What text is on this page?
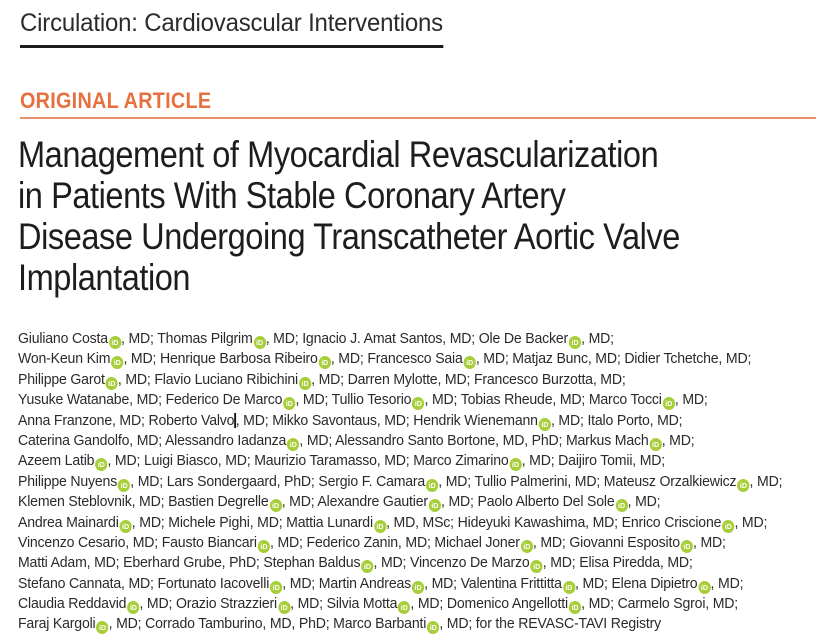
Circulation: Cardiovascular Interventions
ORIGINAL ARTICLE
Management of Myocardial Revascularization
in Patients With Stable Coronary Artery
Disease Undergoing Transcatheter Aortic Valve
Implantation
Giuliano Costa iD , MD; Thomas Pilgrim iD , MD; Ignacio J. Amat Santos, MD; Ole De Backer iD , MD;
Won-Keun Kim iD , MD; Henrique Barbosa Ribeiro iD , MD; Francesco Saia iD , MD; Matjaz Bunc, MD; Didier Tchetche, MD;
Philippe Garot iD , MD; Flavio Luciano Ribichini iD , MD; Darren Mylotte, MD; Francesco Burzotta, MD;
Yusuke Watanabe, MD; Federico De Marco iD , MD; Tullio Tesorio iD , MD; Tobias Rheude, MD; Marco Tocci iD , MD;
Anna Franzone, MD; Roberto Valvo, MD; Mikko Savontaus, MD; Hendrik Wienemann iD , MD; Italo Porto, MD;
Caterina Gandolfo, MD; Alessandro Iadanza iD , MD; Alessandro Santo Bortone, MD, PhD; Markus Mach iD , MD;
Azeem Latib iD , MD; Luigi Biasco, MD; Maurizio Taramasso, MD; Marco Zimarino iD , MD; Daijiro Tomii, MD;
Philippe Nuyens iD , MD; Lars Sondergaard, PhD; Sergio F. Camara iD , MD; Tullio Palmerini, MD; Mateusz Orzalkiewicz iD , MD;
Klemen Steblovnik, MD; Bastien Degrelle iD , MD; Alexandre Gautier iD , MD; Paolo Alberto Del Sole iD , MD;
Andrea Mainardi iD , MD; Michele Pighi, MD; Mattia Lunardi iD , MD, MSc; Hideyuki Kawashima, MD; Enrico Criscione iD , MD;
Vincenzo Cesario, MD; Fausto Biancari iD , MD; Federico Zanin, MD; Michael Joner iD , MD; Giovanni Esposito iD , MD;
Matti Adam, MD; Eberhard Grube, PhD; Stephan Baldus iD , MD; Vincenzo De Marzo iD , MD; Elisa Piredda, MD;
Stefano Cannata, MD; Fortunato Iacovelli iD , MD; Martin Andreas iD , MD; Valentina Frittitta iD , MD; Elena Dipietro iD , MD;
Claudia Reddavid iD , MD; Orazio Strazzieri iD , MD; Silvia Motta iD , MD; Domenico Angellotti iD , MD; Carmelo Sgroi, MD;
Faraj Kargoli iD , MD; Corrado Tamburino, MD, PhD; Marco Barbanti iD , MD; for the REVASC-TAVI Registry
